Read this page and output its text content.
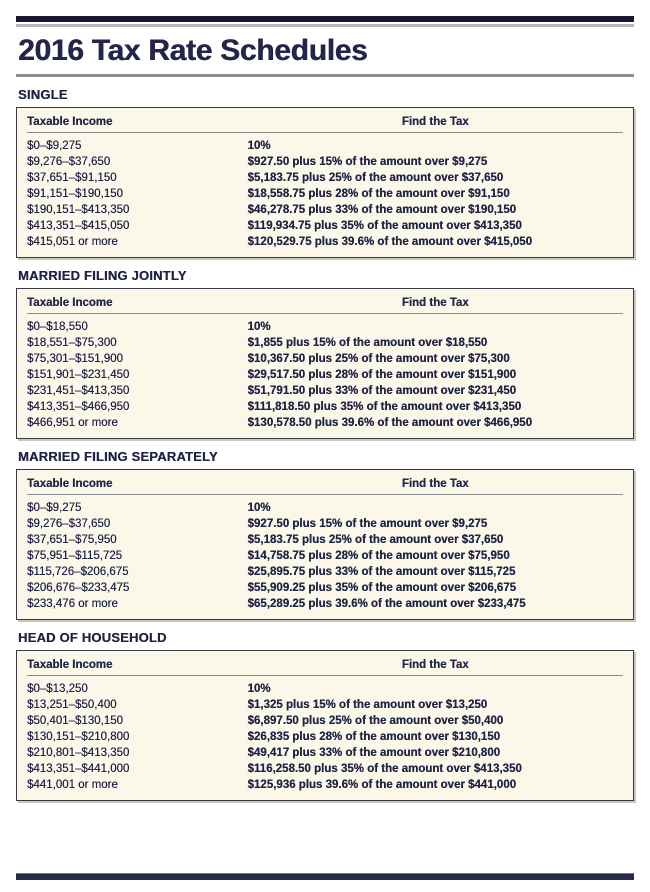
2016 Tax Rate Schedules
SINGLE
Taxable Income	Find the Tax
$0–$9,275	10%
$9,276–$37,650	$927.50 plus 15% of the amount over $9,275
$37,651–$91,150	$5,183.75 plus 25% of the amount over $37,650
$91,151–$190,150	$18,558.75 plus 28% of the amount over $91,150
$190,151–$413,350	$46,278.75 plus 33% of the amount over $190,150
$413,351–$415,050	$119,934.75 plus 35% of the amount over $413,350
$415,051 or more	$120,529.75 plus 39.6% of the amount over $415,050
MARRIED FILING JOINTLY
Taxable Income	Find the Tax
$0–$18,550	10%
$18,551–$75,300	$1,855 plus 15% of the amount over $18,550
$75,301–$151,900	$10,367.50 plus 25% of the amount over $75,300
$151,901–$231,450	$29,517.50 plus 28% of the amount over $151,900
$231,451–$413,350	$51,791.50 plus 33% of the amount over $231,450
$413,351–$466,950	$111,818.50 plus 35% of the amount over $413,350
$466,951 or more	$130,578.50 plus 39.6% of the amount over $466,950
MARRIED FILING SEPARATELY
Taxable Income	Find the Tax
$0–$9,275	10%
$9,276–$37,650	$927.50 plus 15% of the amount over $9,275
$37,651–$75,950	$5,183.75 plus 25% of the amount over $37,650
$75,951–$115,725	$14,758.75 plus 28% of the amount over $75,950
$115,726–$206,675	$25,895.75 plus 33% of the amount over $115,725
$206,676–$233,475	$55,909.25 plus 35% of the amount over $206,675
$233,476 or more	$65,289.25 plus 39.6% of the amount over $233,475
HEAD OF HOUSEHOLD
Taxable Income	Find the Tax
$0–$13,250	10%
$13,251–$50,400	$1,325 plus 15% of the amount over $13,250
$50,401–$130,150	$6,897.50 plus 25% of the amount over $50,400
$130,151–$210,800	$26,835 plus 28% of the amount over $130,150
$210,801–$413,350	$49,417 plus 33% of the amount over $210,800
$413,351–$441,000	$116,258.50 plus 35% of the amount over $413,350
$441,001 or more	$125,936 plus 39.6% of the amount over $441,000
